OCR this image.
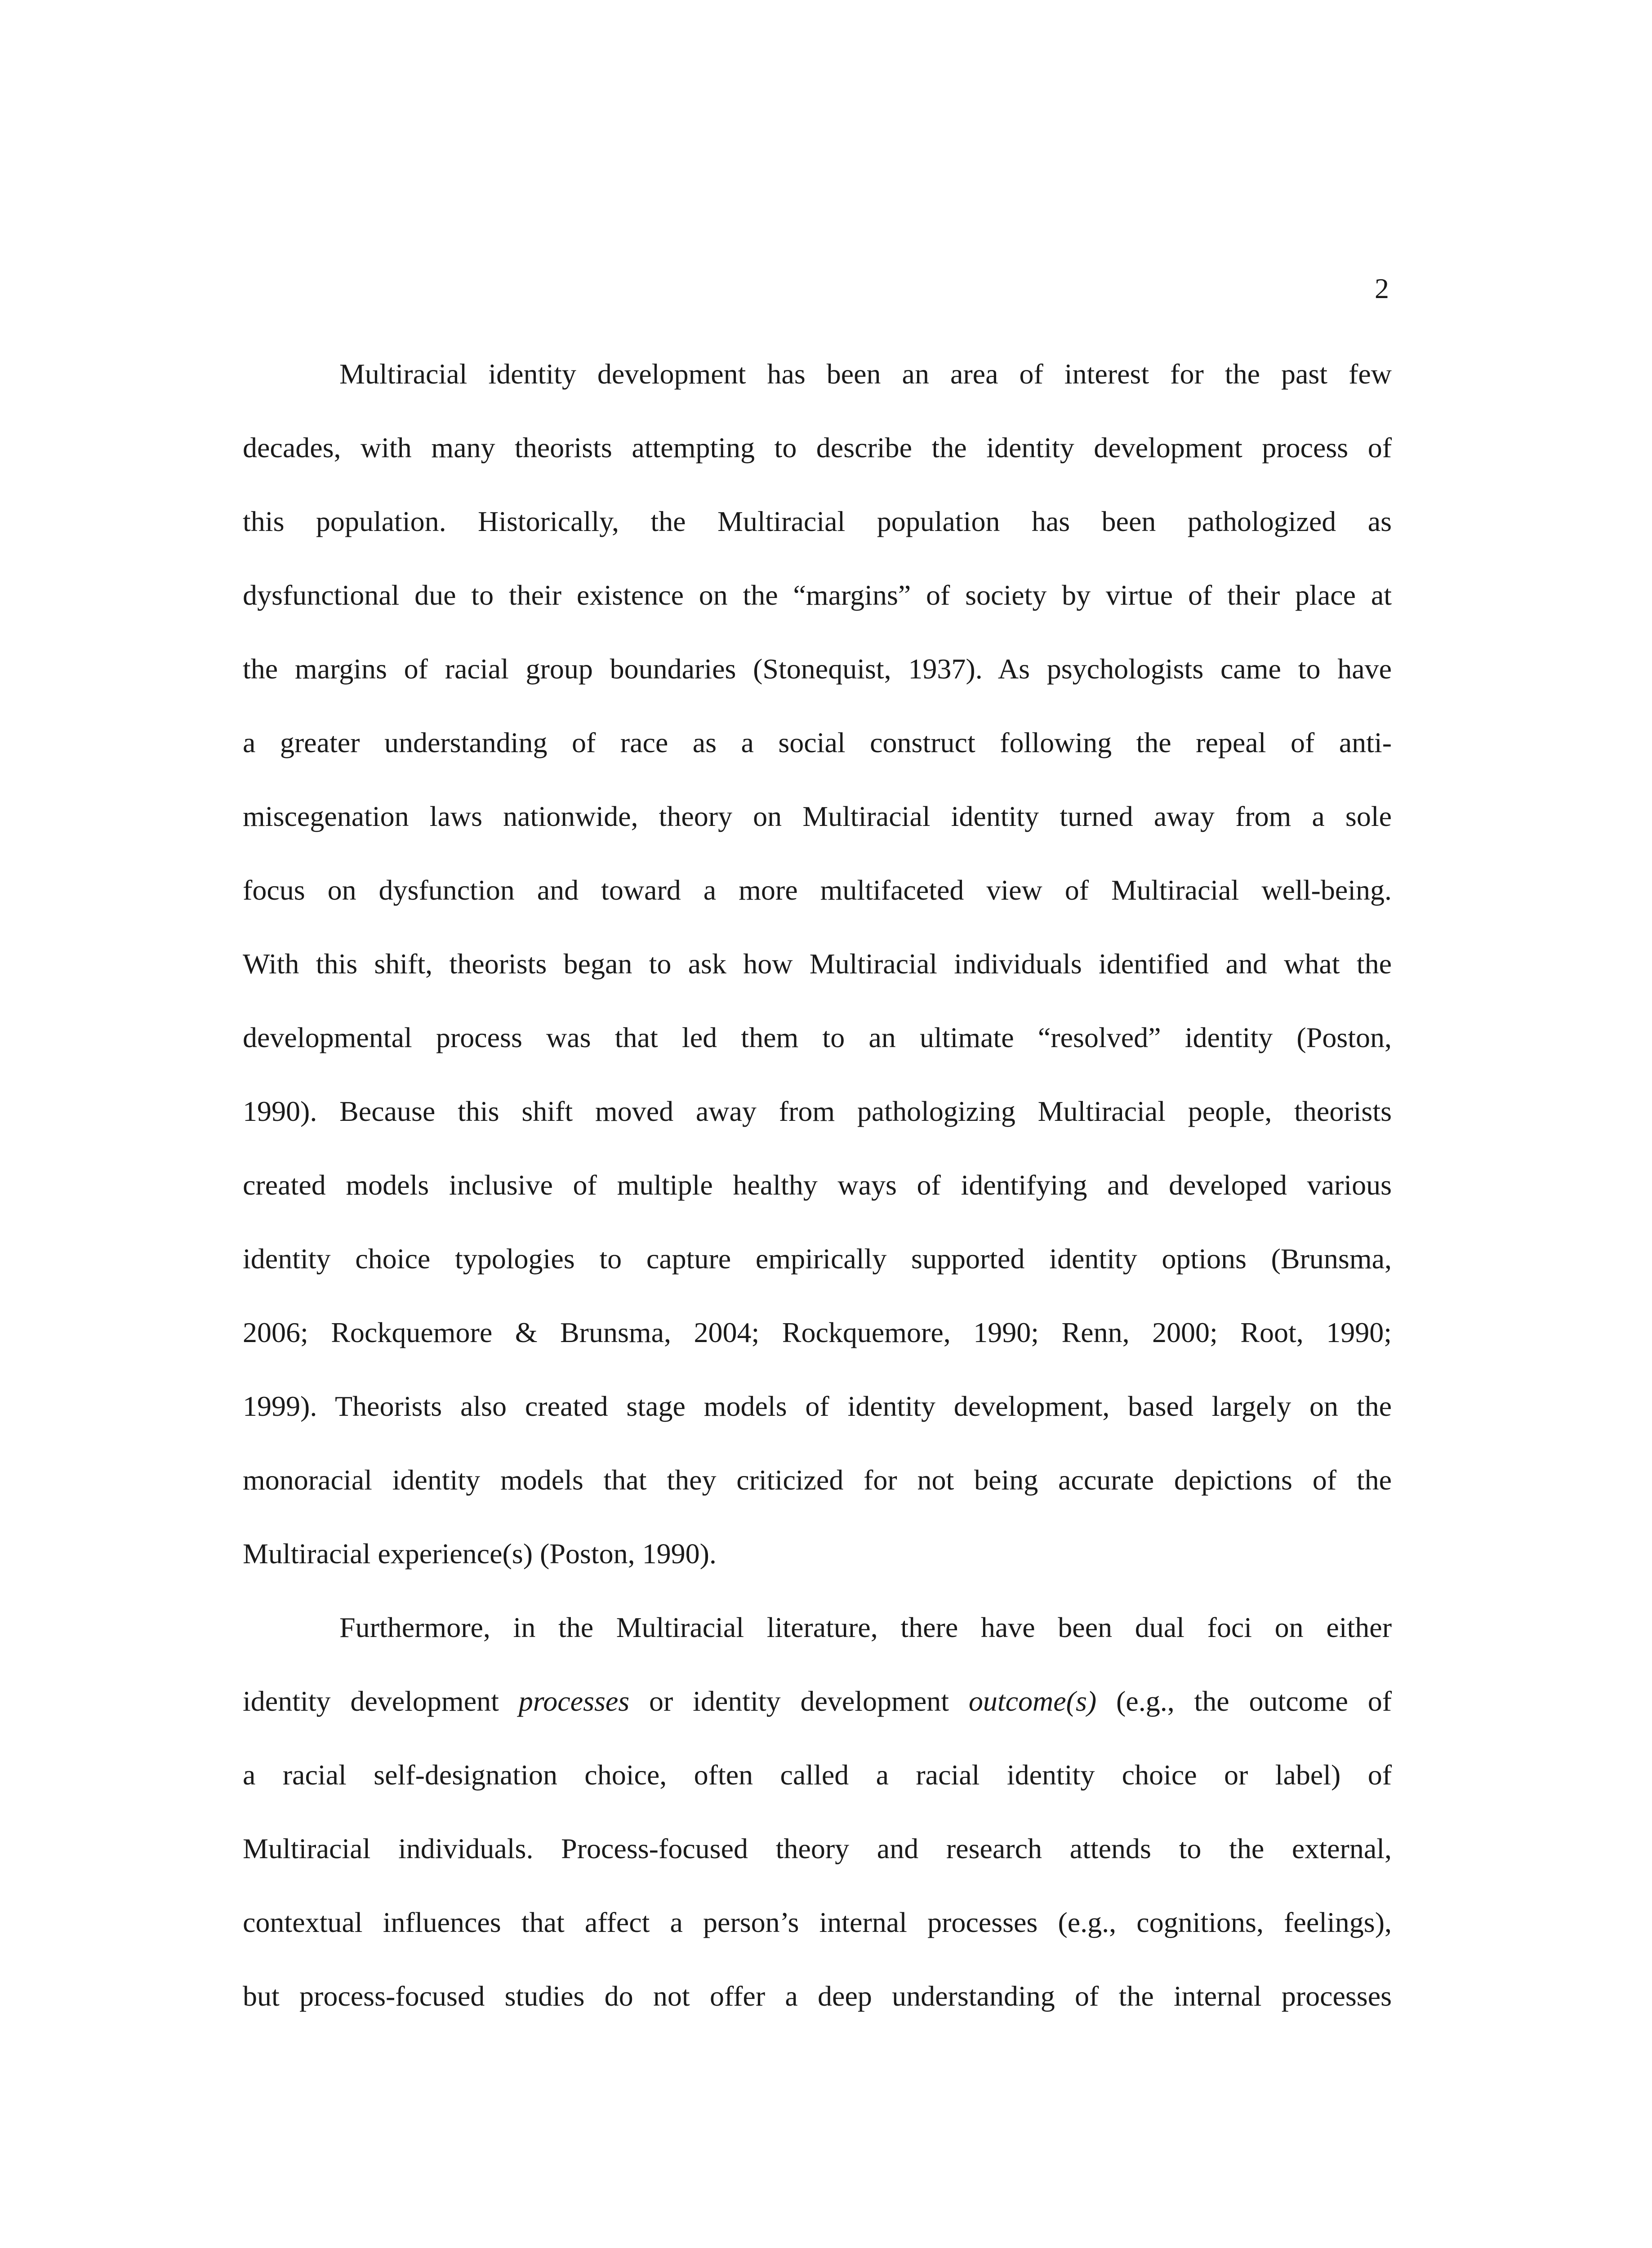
2
Multiracial identity development has been an area of interest for the past few
decades, with many theorists attempting to describe the identity development process of
this population. Historically, the Multiracial population has been pathologized as
dysfunctional due to their existence on the “margins” of society by virtue of their place at
the margins of racial group boundaries (Stonequist, 1937). As psychologists came to have
a greater understanding of race as a social construct following the repeal of anti-
miscegenation laws nationwide, theory on Multiracial identity turned away from a sole
focus on dysfunction and toward a more multifaceted view of Multiracial well-being.
With this shift, theorists began to ask how Multiracial individuals identified and what the
developmental process was that led them to an ultimate “resolved” identity (Poston,
1990). Because this shift moved away from pathologizing Multiracial people, theorists
created models inclusive of multiple healthy ways of identifying and developed various
identity choice typologies to capture empirically supported identity options (Brunsma,
2006; Rockquemore & Brunsma, 2004; Rockquemore, 1990; Renn, 2000; Root, 1990;
1999). Theorists also created stage models of identity development, based largely on the
monoracial identity models that they criticized for not being accurate depictions of the
Multiracial experience(s) (Poston, 1990).
Furthermore, in the Multiracial literature, there have been dual foci on either
identity development processes or identity development outcome(s) (e.g., the outcome of
a racial self-designation choice, often called a racial identity choice or label) of
Multiracial individuals. Process-focused theory and research attends to the external,
contextual influences that affect a person’s internal processes (e.g., cognitions, feelings),
but process-focused studies do not offer a deep understanding of the internal processes
